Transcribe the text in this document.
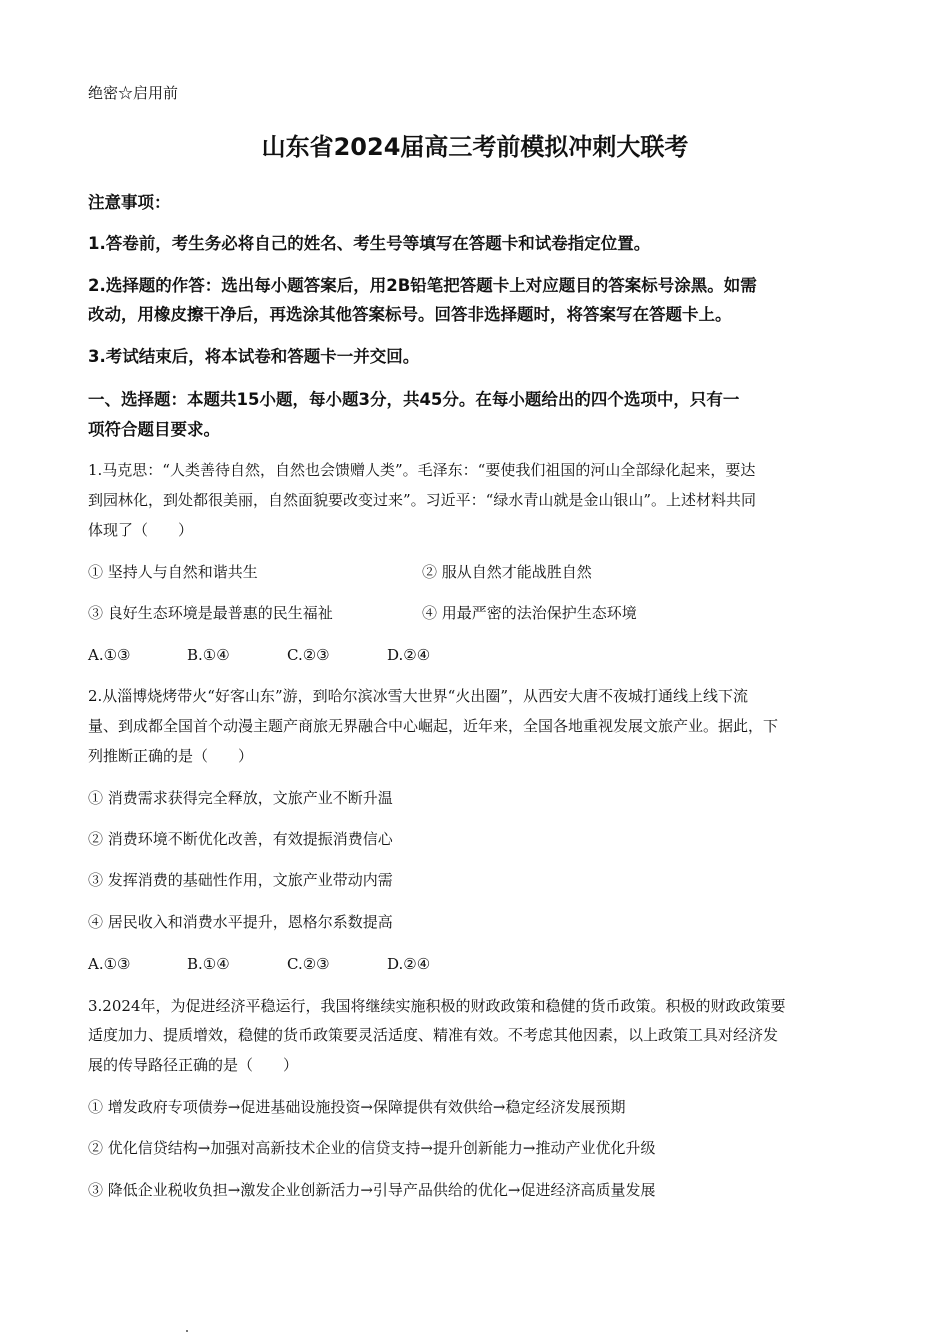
绝密☆启用前
山东省2024届高三考前模拟冲刺大联考
注意事项：
1.答卷前，考生务必将自己的姓名、考生号等填写在答题卡和试卷指定位置。
2.选择题的作答：选出每小题答案后，用2B铅笔把答题卡上对应题目的答案标号涂黑。如需
改动，用橡皮擦干净后，再选涂其他答案标号。回答非选择题时，将答案写在答题卡上。
3.考试结束后，将本试卷和答题卡一并交回。
一、选择题：本题共15小题，每小题3分，共45分。在每小题给出的四个选项中，只有一
项符合题目要求。
1.马克思：“人类善待自然，自然也会馈赠人类”。毛泽东：“要使我们祖国的河山全部绿化起来，要达
到园林化，到处都很美丽，自然面貌要改变过来”。习近平：“绿水青山就是金山银山”。上述材料共同
体现了（　　）
① 坚持人与自然和谐共生	② 服从自然才能战胜自然
③ 良好生态环境是最普惠的民生福祉	④ 用最严密的法治保护生态环境
A.①③	B.①④	C.②③	D.②④
2.从淄博烧烤带火“好客山东”游，到哈尔滨冰雪大世界“火出圈”，从西安大唐不夜城打通线上线下流
量、到成都全国首个动漫主题产商旅无界融合中心崛起，近年来，全国各地重视发展文旅产业。据此，下
列推断正确的是（　　）
① 消费需求获得完全释放，文旅产业不断升温
② 消费环境不断优化改善，有效提振消费信心
③ 发挥消费的基础性作用，文旅产业带动内需
④ 居民收入和消费水平提升，恩格尔系数提高
A.①③	B.①④	C.②③	D.②④
3.2024年，为促进经济平稳运行，我国将继续实施积极的财政政策和稳健的货币政策。积极的财政政策要
适度加力、提质增效，稳健的货币政策要灵活适度、精准有效。不考虑其他因素，以上政策工具对经济发
展的传导路径正确的是（　　）
① 增发政府专项债券→促进基础设施投资→保障提供有效供给→稳定经济发展预期
② 优化信贷结构→加强对高新技术企业的信贷支持→提升创新能力→推动产业优化升级
③ 降低企业税收负担→激发企业创新活力→引导产品供给的优化→促进经济高质量发展
